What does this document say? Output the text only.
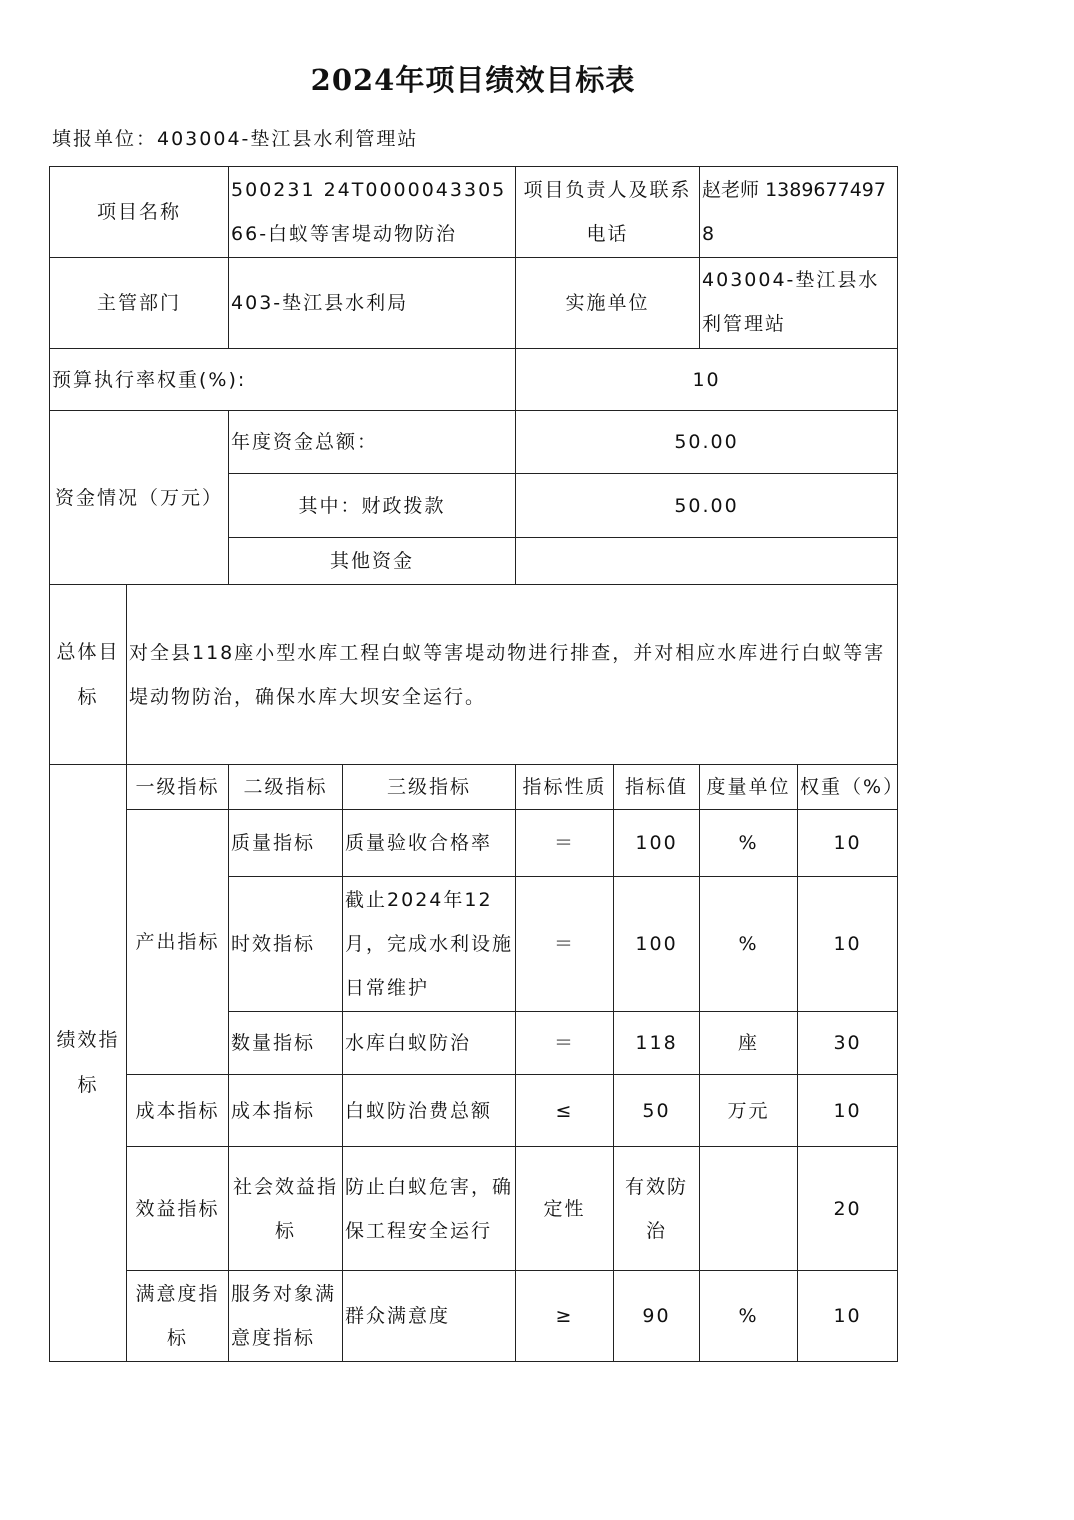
2024年项目绩效目标表
填报单位：403004-垫江县水利管理站
项目名称		500231 24T000004330566-白蚁等害堤动物防治		项目负责人及联系电话		赵老师 13896774978	
主管部门		403-垫江县水利局		实施单位		403004-垫江县水利管理站	
预算执行率权重(%):				10			
资金情况（万元）		年度资金总额：		50.00			
		其中：财政拨款		50.00			
		其他资金					
总体目标	对全县118座小型水库工程白蚁等害堤动物进行排查，并对相应水库进行白蚁等害堤动物防治，确保水库大坝安全运行。						
绩效指标	一级指标	二级指标	三级指标	指标性质	指标值	度量单位	权重（%）
	产出指标	质量指标	质量验收合格率	＝	100	%	10
		时效指标	截止2024年12月，完成水利设施日常维护	＝	100	%	10
		数量指标	水库白蚁防治	＝	118	座	30
	成本指标	成本指标	白蚁防治费总额	≤	50	万元	10
	效益指标	社会效益指标	防止白蚁危害，确保工程安全运行	定性	有效防治		20
	满意度指标	服务对象满意度指标	群众满意度	≥	90	%	10
